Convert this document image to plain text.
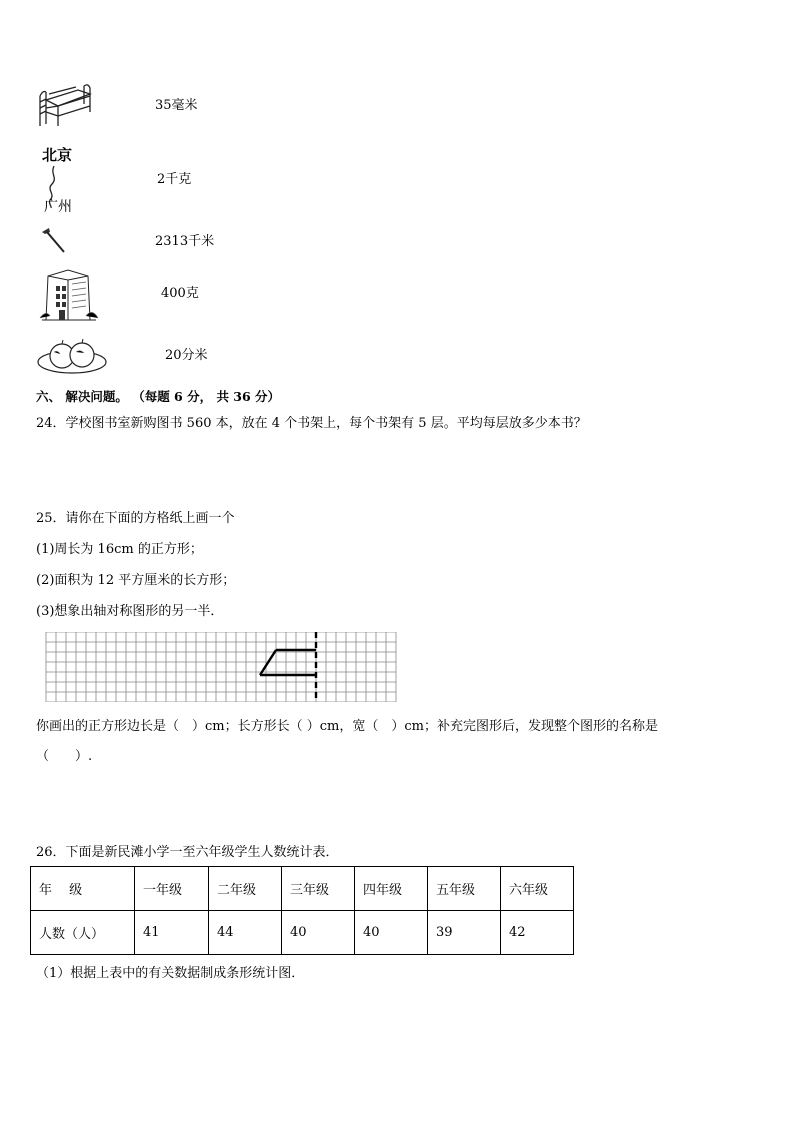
35毫米
北京
广州
2千克
2313千米
400克
20分米
六、 解决问题。 （每题 6 分， 共 36 分）
24．学校图书室新购图书 560 本，放在 4 个书架上，每个书架有 5 层。平均每层放多少本书？
25．请你在下面的方格纸上画一个
(1)周长为 16cm 的正方形；
(2)面积为 12 平方厘米的长方形；
(3)想象出轴对称图形的另一半．
你画出的正方形边长是（　）cm；长方形长（ ）cm，宽（　）cm；补充完图形后，发现整个图形的名称是
（　　）.
26．下面是新民滩小学一至六年级学生人数统计表．
年　 级	一年级	二年级	三年级	四年级	五年级	六年级
人数（人）	41	44	40	40	39	42
（1）根据上表中的有关数据制成条形统计图．
